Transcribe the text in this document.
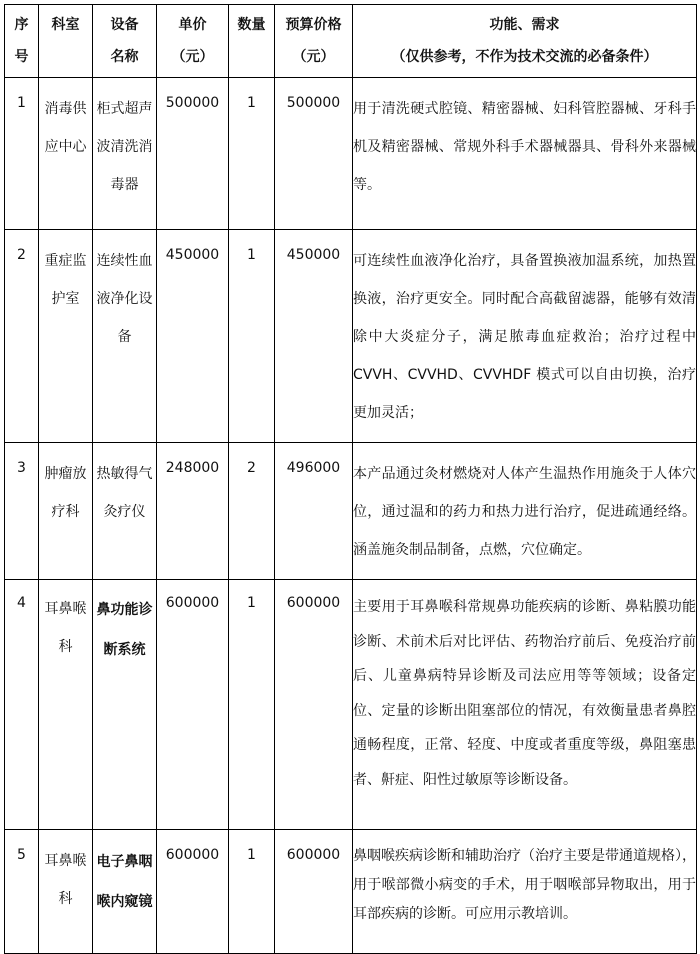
序号	科室	设备名称	单价（元）	数量	预算价格（元）	功能、需求
（仅供参考，不作为技术交流的必备条件）

1	消毒供应中心	柜式超声波清洗消毒器	500000	1	500000	用于清洗硬式腔镜、精密器械、妇科管腔器械、牙科手机及精密器械、常规外科手术器械器具、骨科外来器械等。
2	重症监护室	连续性血液净化设备	450000	1	450000	可连续性血液净化治疗，具备置换液加温系统，加热置换液，治疗更安全。同时配合高截留滤器，能够有效清除中大炎症分子，满足脓毒血症救治；治疗过程中 CVVH、CVVHD、CVVHDF 模式可以自由切换，治疗更加灵活；
3	肿瘤放疗科	热敏得气灸疗仪	248000	2	496000	本产品通过灸材燃烧对人体产生温热作用施灸于人体穴位，通过温和的药力和热力进行治疗，促进疏通经络。涵盖施灸制品制备，点燃，穴位确定。
4	耳鼻喉科	鼻功能诊断系统	600000	1	600000	主要用于耳鼻喉科常规鼻功能疾病的诊断、鼻粘膜功能诊断、术前术后对比评估、药物治疗前后、免疫治疗前后、儿童鼻病特异诊断及司法应用等等领域；设备定位、定量的诊断出阻塞部位的情况，有效衡量患者鼻腔通畅程度，正常、轻度、中度或者重度等级，鼻阻塞患者、鼾症、阳性过敏原等诊断设备。
5	耳鼻喉科	电子鼻咽喉内窥镜	600000	1	600000	鼻咽喉疾病诊断和辅助治疗（治疗主要是带通道规格），用于喉部微小病变的手术，用于咽喉部异物取出，用于耳部疾病的诊断。可应用示教培训。
